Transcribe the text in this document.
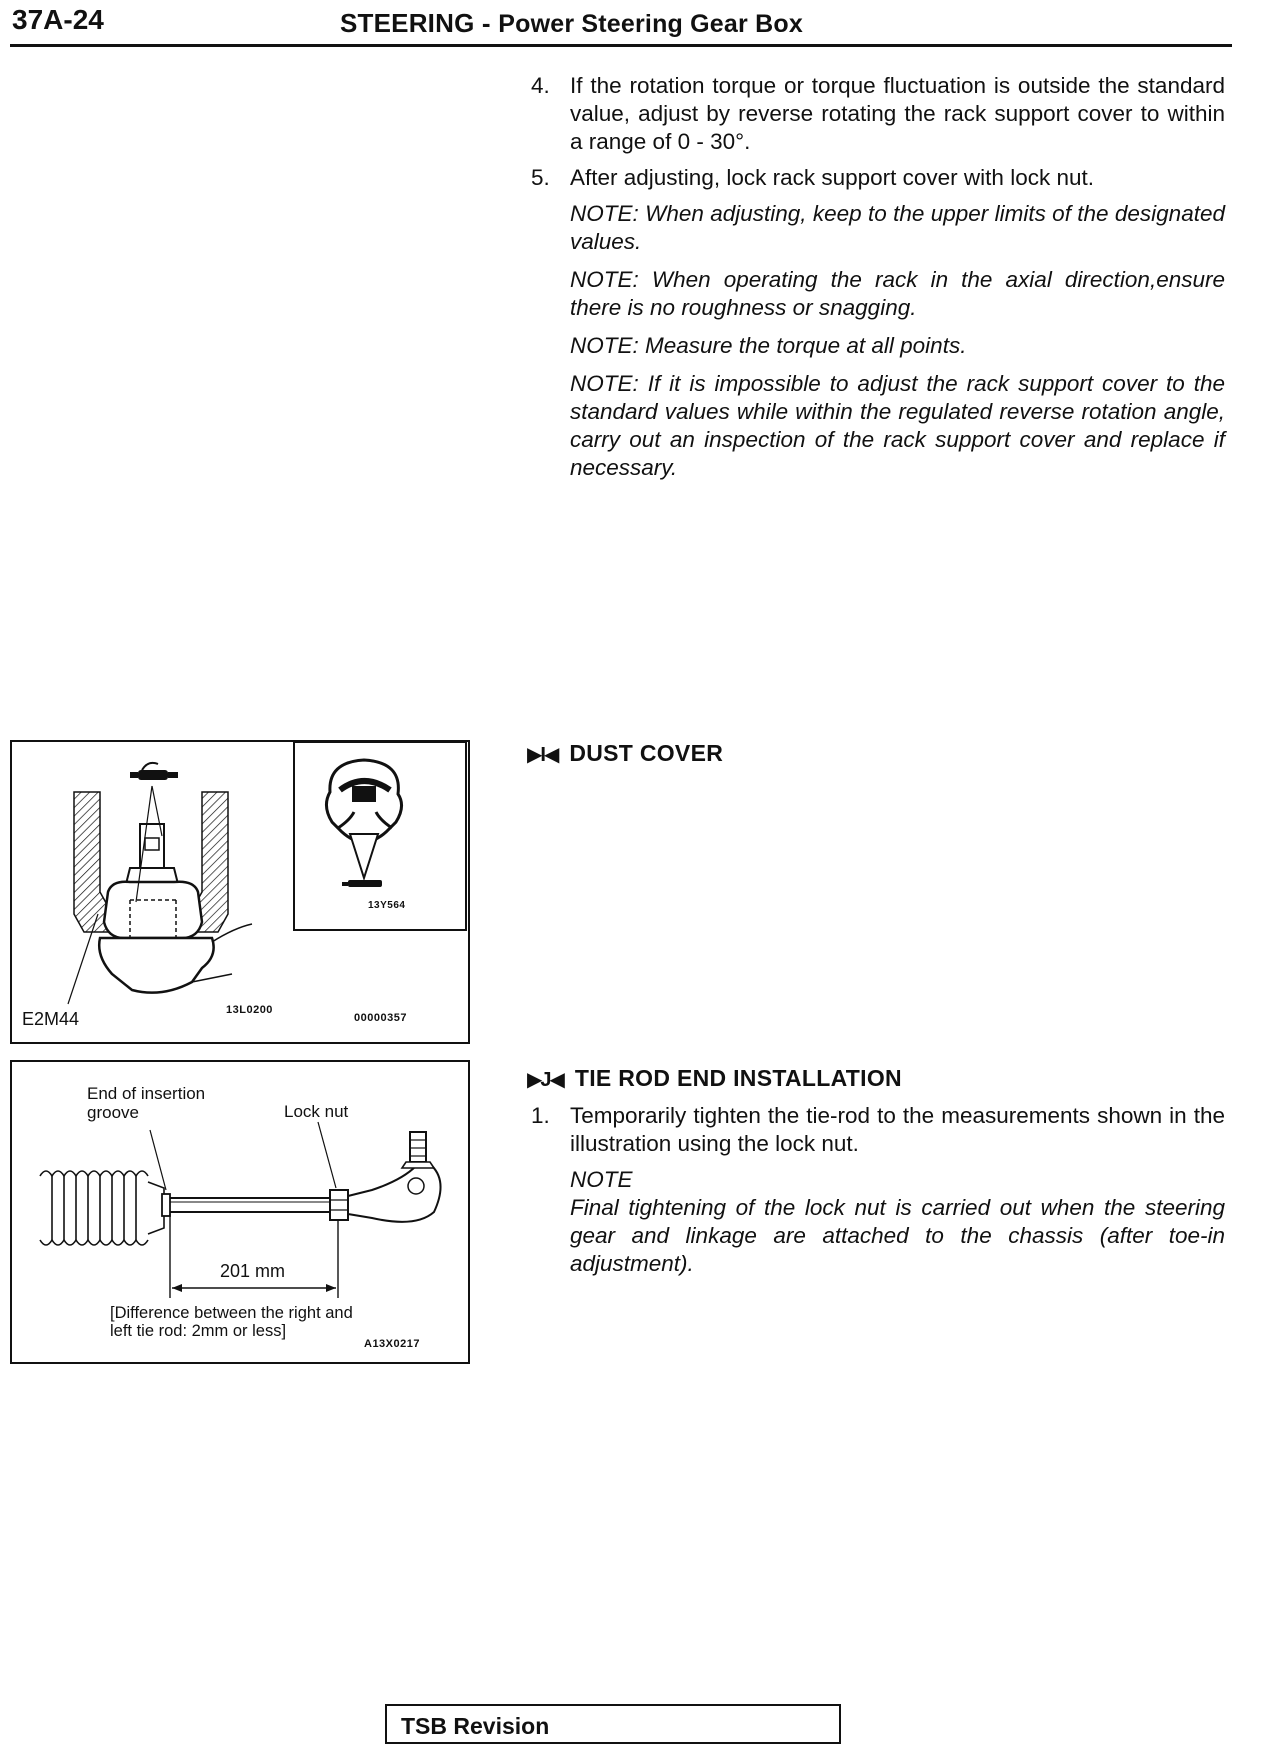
37A-24	STEERING - Power Steering Gear Box
4. If the rotation torque or torque fluctuation is outside the standard value, adjust by reverse rotating the rack support cover to within a range of 0 - 30°.
5. After adjusting, lock rack support cover with lock nut.
NOTE: When adjusting, keep to the upper limits of the designated values.
NOTE: When operating the rack in the axial direction,ensure there is no roughness or snagging.
NOTE: Measure the torque at all points.
NOTE: If it is impossible to adjust the rack support cover to the standard values while within the regulated reverse rotation angle, carry out an inspection of the rack support cover and replace if necessary.
▶I◀ DUST COVER
▶J◀ TIE ROD END INSTALLATION
1. Temporarily tighten the tie-rod to the measurements shown in the illustration using the lock nut.
NOTE
Final tightening of the lock nut is carried out when the steering gear and linkage are attached to the chassis (after toe-in adjustment).
E2M44	13L0200
00000357
13Y564
End of insertion
groove	Lock nut
201 mm
[Difference between the right and
left tie rod: 2mm or less]
A13X0217
TSB Revision
